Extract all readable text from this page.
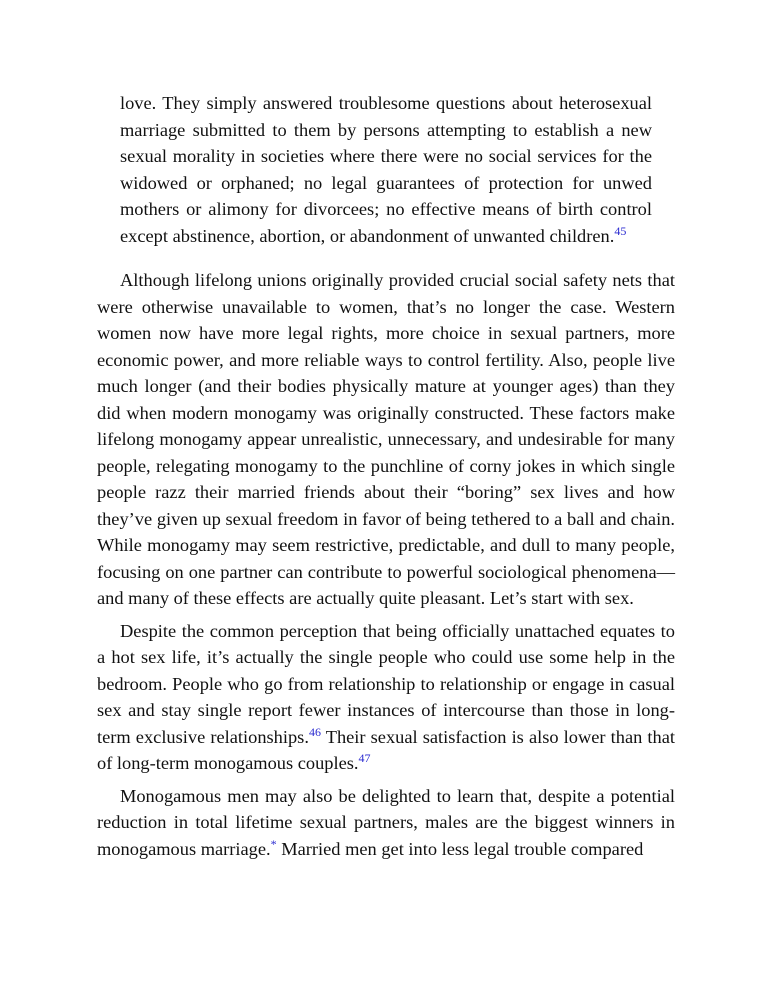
love. They simply answered troublesome questions about heterosexual marriage submitted to them by persons attempting to establish a new sexual morality in societies where there were no social services for the widowed or orphaned; no legal guarantees of protection for unwed mothers or alimony for divorcees; no effective means of birth control except abstinence, abortion, or abandonment of unwanted children.$^{45}$

Although lifelong unions originally provided crucial social safety nets that were otherwise unavailable to women, that’s no longer the case. Western women now have more legal rights, more choice in sexual partners, more economic power, and more reliable ways to control fertility. Also, people live much longer (and their bodies physically mature at younger ages) than they did when modern monogamy was originally constructed. These factors make lifelong monogamy appear unrealistic, unnecessary, and undesirable for many people, relegating monogamy to the punchline of corny jokes in which single people razz their married friends about their “boring” sex lives and how they’ve given up sexual freedom in favor of being tethered to a ball and chain. While monogamy may seem restrictive, predictable, and dull to many people, focusing on one partner can contribute to powerful sociological phenomena—and many of these effects are actually quite pleasant. Let’s start with sex.

Despite the common perception that being officially unattached equates to a hot sex life, it’s actually the single people who could use some help in the bedroom. People who go from relationship to relationship or engage in casual sex and stay single report fewer instances of intercourse than those in long-term exclusive relationships.$^{46}$ Their sexual satisfaction is also lower than that of long-term monogamous couples.$^{47}$

Monogamous men may also be delighted to learn that, despite a potential reduction in total lifetime sexual partners, males are the biggest winners in monogamous marriage.* Married men get into less legal trouble compared
